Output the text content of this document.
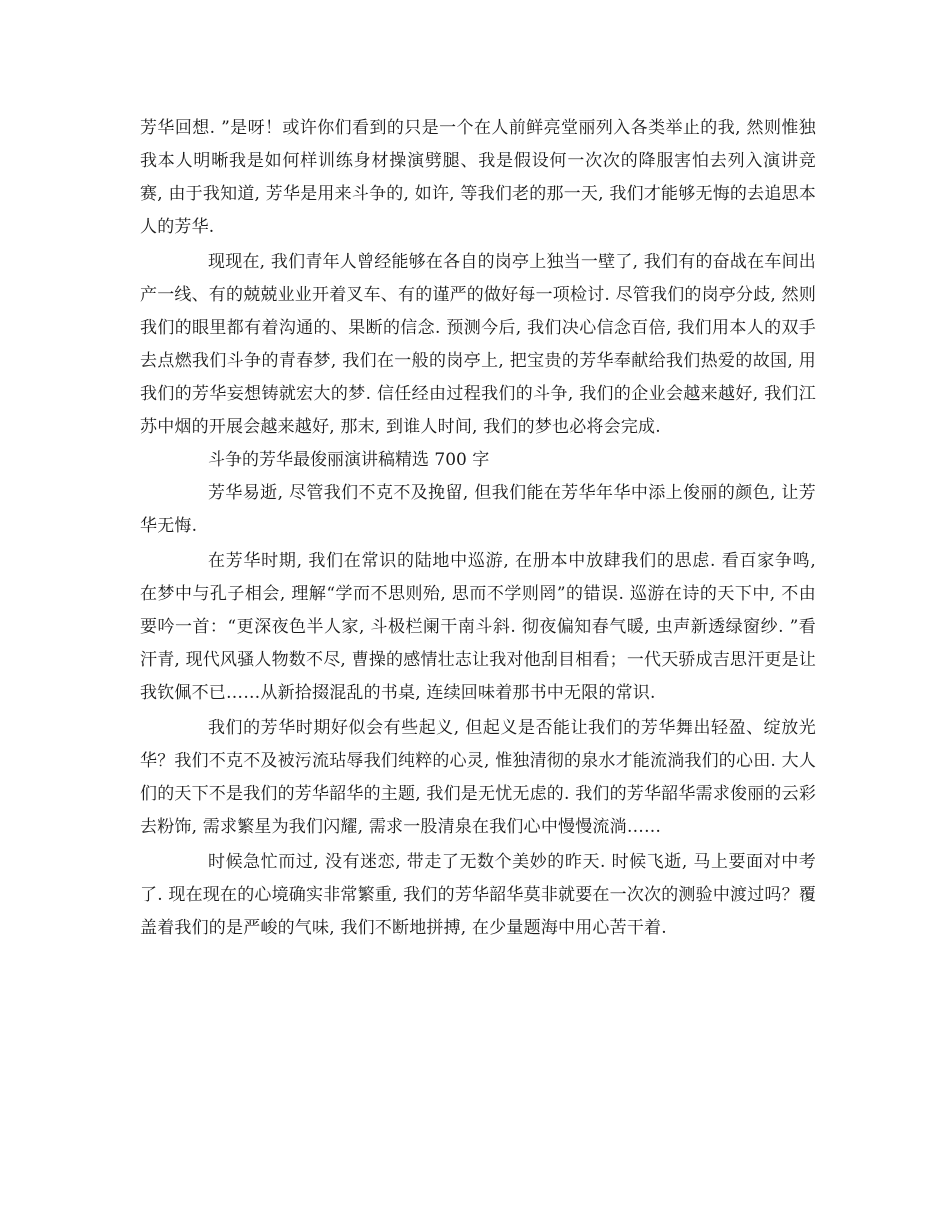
芳华回想. ”是呀！或许你们看到的只是一个在人前鲜亮堂丽列入各类举止的我, 然则惟独我本人明晰我是如何样训练身材操演劈腿、我是假设何一次次的降服害怕去列入演讲竞赛, 由于我知道, 芳华是用来斗争的, 如许, 等我们老的那一天, 我们才能够无悔的去追思本人的芳华.

现现在, 我们青年人曾经能够在各自的岗亭上独当一壁了, 我们有的奋战在车间出产一线、有的兢兢业业开着叉车、有的谨严的做好每一项检讨. 尽管我们的岗亭分歧, 然则我们的眼里都有着沟通的、果断的信念. 预测今后, 我们决心信念百倍, 我们用本人的双手去点燃我们斗争的青春梦, 我们在一般的岗亭上, 把宝贵的芳华奉献给我们热爱的故国, 用我们的芳华妄想铸就宏大的梦. 信任经由过程我们的斗争, 我们的企业会越来越好, 我们江苏中烟的开展会越来越好, 那末, 到谁人时间, 我们的梦也必将会完成.

斗争的芳华最俊丽演讲稿精选 700 字

芳华易逝, 尽管我们不克不及挽留, 但我们能在芳华年华中添上俊丽的颜色, 让芳华无悔.

在芳华时期, 我们在常识的陆地中巡游, 在册本中放肆我们的思虑. 看百家争鸣, 在梦中与孔子相会, 理解“学而不思则殆, 思而不学则罔”的错误. 巡游在诗的天下中, 不由要吟一首：“更深夜色半人家, 斗极栏阑干南斗斜. 彻夜偏知春气暖, 虫声新透绿窗纱. ”看汗青, 现代风骚人物数不尽, 曹操的感情壮志让我对他刮目相看；一代天骄成吉思汗更是让我钦佩不已……从新拾掇混乱的书桌, 连续回味着那书中无限的常识.

我们的芳华时期好似会有些起义, 但起义是否能让我们的芳华舞出轻盈、绽放光华？我们不克不及被污流玷辱我们纯粹的心灵, 惟独清彻的泉水才能流淌我们的心田. 大人们的天下不是我们的芳华韶华的主题, 我们是无忧无虑的. 我们的芳华韶华需求俊丽的云彩去粉饰, 需求繁星为我们闪耀, 需求一股清泉在我们心中慢慢流淌……

时候急忙而过, 没有迷恋, 带走了无数个美妙的昨天. 时候飞逝, 马上要面对中考了. 现在现在的心境确实非常繁重, 我们的芳华韶华莫非就要在一次次的测验中渡过吗？覆盖着我们的是严峻的气味, 我们不断地拼搏, 在少量题海中用心苦干着.
